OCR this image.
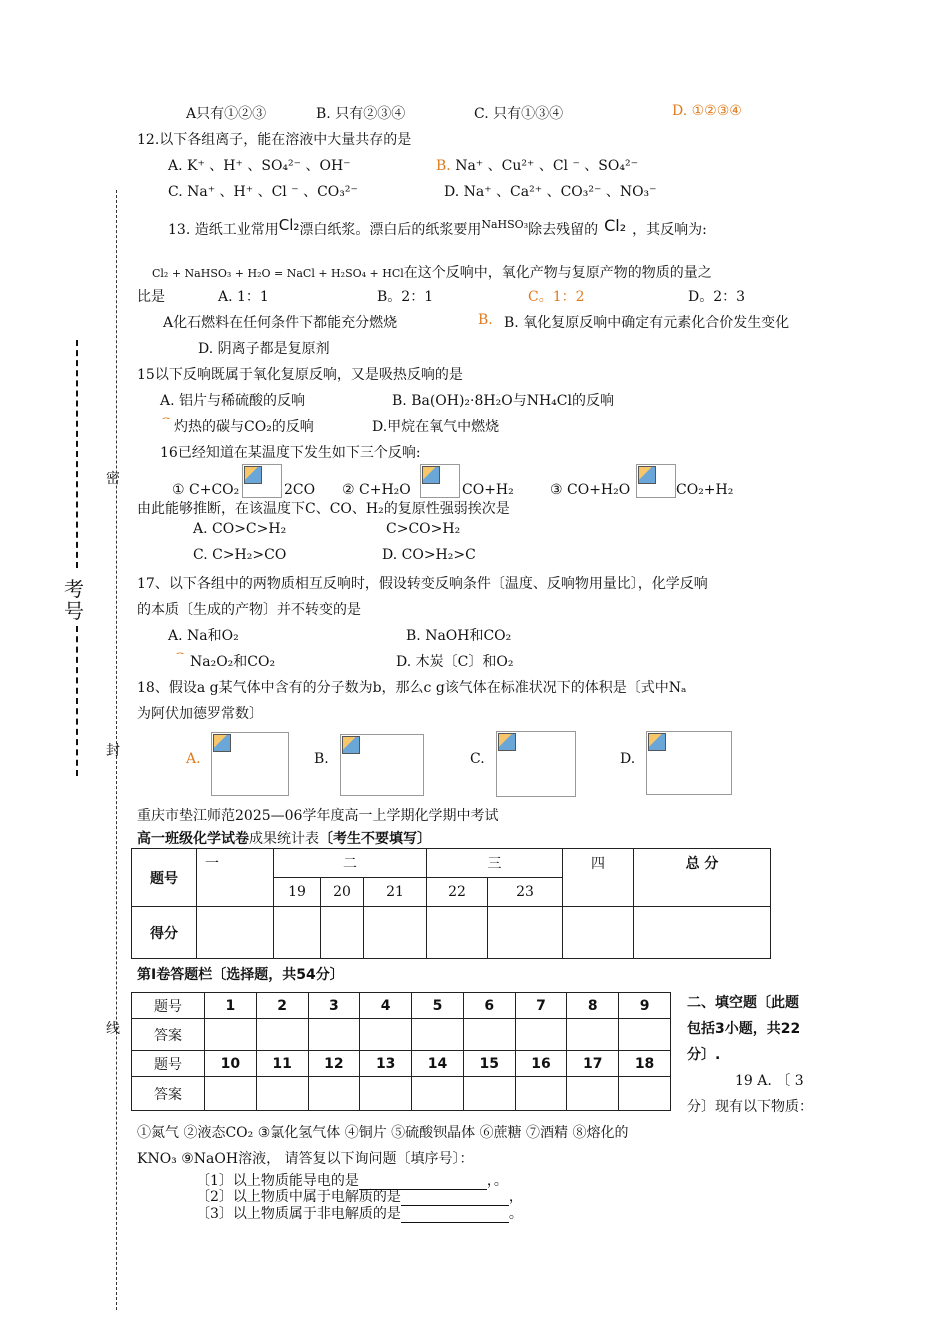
密
封
线
考号
A只有①②③	B. 只有②③④	C. 只有①③④	D. ①②③④
12.以下各组离子，能在溶液中大量共存的是
A. K⁺ 、H⁺ 、SO₄²⁻ 、OH⁻	B. Na⁺ 、Cu²⁺ 、Cl ⁻ 、SO₄²⁻
C. Na⁺ 、H⁺ 、Cl ⁻ 、CO₃²⁻	D. Na⁺ 、Ca²⁺ 、CO₃²⁻ 、NO₃⁻
13. 造纸工业常用Cl₂漂白纸浆。漂白后的纸浆要用$^{NaHSO_3}$除去残留的 Cl₂ ，其反响为:
Cl₂ + NaHSO₃ + H₂O = NaCl + H₂SO₄ + HCl在这个反响中，氧化产物与复原产物的物质的量之
比是	A. 1：1	B。2：1	C。1：2	D。2：3
A化石燃料在任何条件下都能充分燃烧	B. B. 氧化复原反响中确定有元素化合价发生变化
D. 阴离子都是复原剂
15以下反响既属于氧化复原反响，又是吸热反响的是
A. 铝片与稀硫酸的反响	B. Ba(OH)₂·8H₂O与NH₄Cl的反响
灼热的碳与CO₂的反响	D.甲烷在氧气中燃烧
16已经知道在某温度下发生如下三个反响:
① C+CO₂	2CO ② C+H₂O	CO+H₂	③ CO+H₂O	CO₂+H₂
由此能够推断，在该温度下C、CO、H₂的复原性强弱挨次是
A. CO>C>H₂	C>CO>H₂
C. C>H₂>CO	D. CO>H₂>C
17、以下各组中的两物质相互反响时，假设转变反响条件〔温度、反响物用量比〕，化学反响
的本质〔生成的产物〕并不转变的是
A. Na和O₂	B. NaOH和CO₂
Na₂O₂和CO₂	D. 木炭〔C〕和O₂
18、假设a g某气体中含有的分子数为b，那么c g该气体在标准状况下的体积是〔式中Nₐ
为阿伏加德罗常数〕
A.	B.	C.	D.
重庆市垫江师范2025—06学年度高一上学期化学期中考试
高一班级化学试卷成果统计表〔考生不要填写〕
题号	一	二			三		四	总 分
		19	20	21	22	23		
得分								
第Ⅰ卷答题栏〔选择题，共54分〕
题号	1	2	3	4	5	6	7	8	9
答案									
题号	10	11	12	13	14	15	16	17	18
答案									
二、填空题〔此题
包括3小题，共22
分〕.
19 A. 〔 3
分〕现有以下物质：
①氮气 ②液态CO₂ ③氯化氢气体 ④铜片 ⑤硫酸钡晶体 ⑥蔗糖 ⑦酒精 ⑧熔化的
KNO₃ ⑨NaOH溶液， 请答复以下询问题〔填序号〕：
〔1〕以上物质能导电的是	，。
〔2〕以上物质中属于电解质的是	，
〔3〕以上物质属于非电解质的是	。
